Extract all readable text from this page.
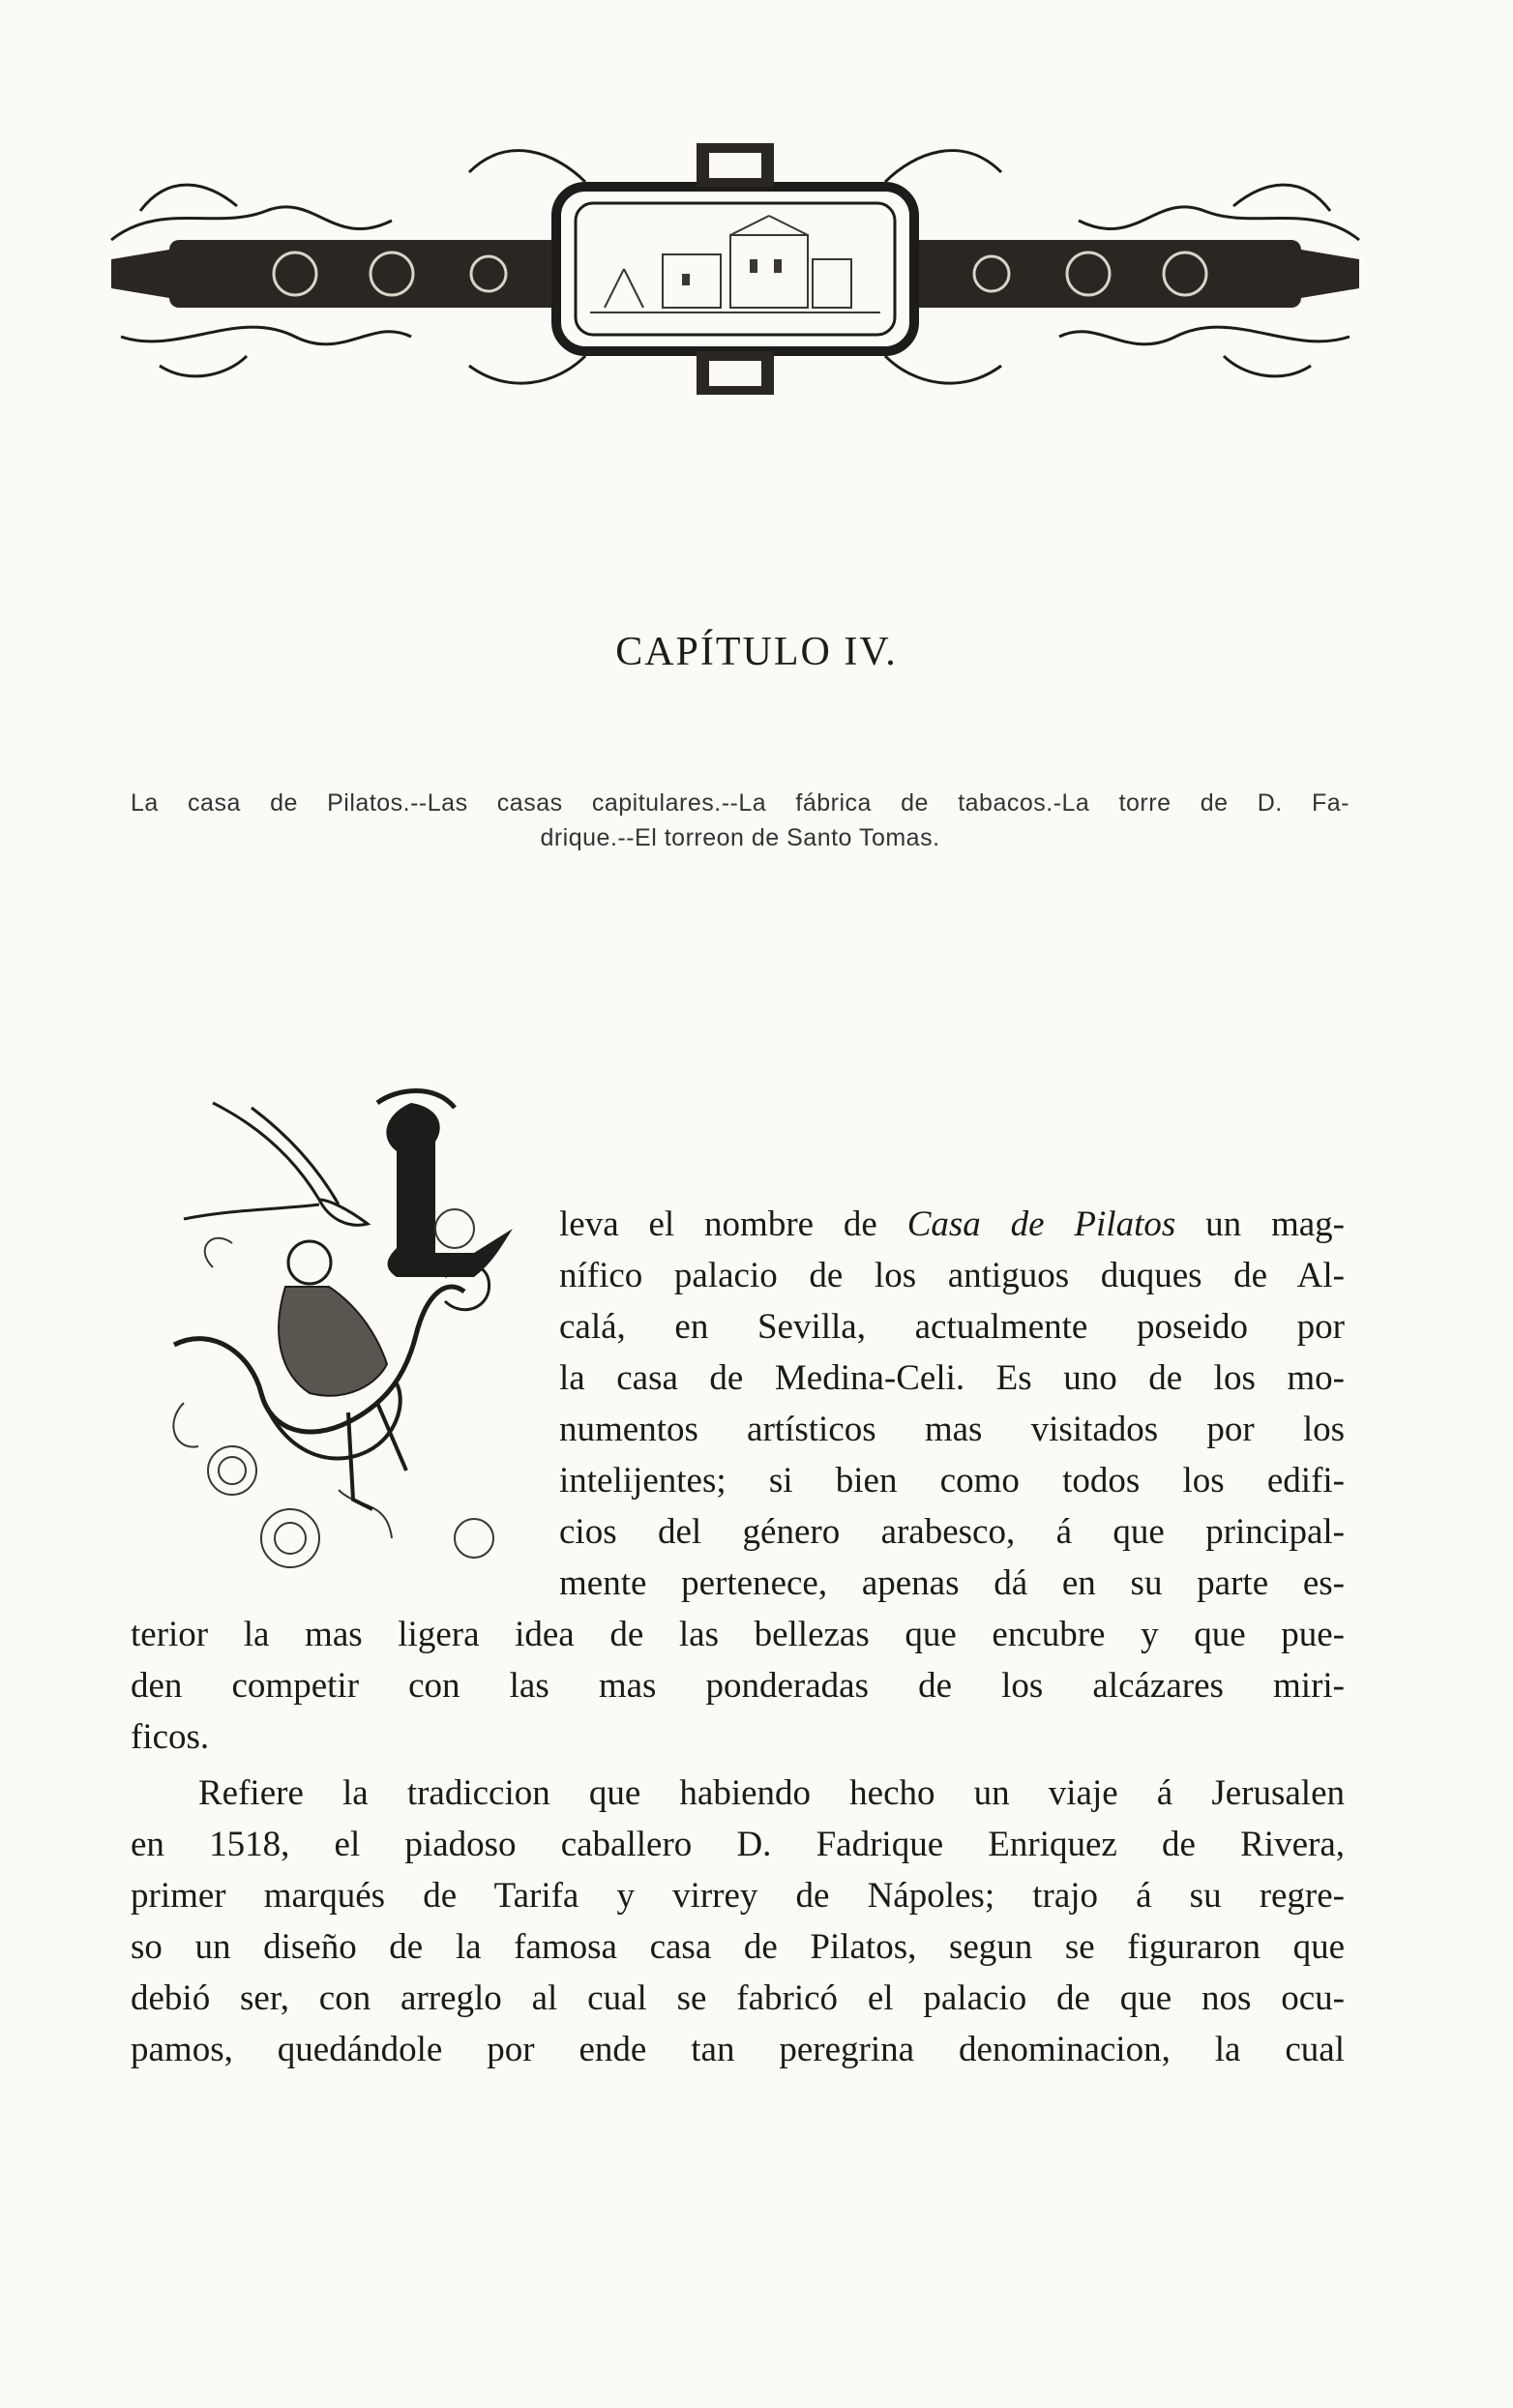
CAPÍTULO IV.
La casa de Pilatos.--Las casas capitulares.--La fábrica de tabacos.-La torre de D. Fa-
drique.--El torreon de Santo Tomas.
leva el nombre de Casa de Pilatos un mag-
nífico palacio de los antiguos duques de Al-
calá, en Sevilla, actualmente poseido por
la casa de Medina-Celi. Es uno de los mo-
numentos artísticos mas visitados por los
intelijentes; si bien como todos los edifi-
cios del género arabesco, á que principal-
mente pertenece, apenas dá en su parte es-
terior la mas ligera idea de las bellezas que encubre y que pue-
den competir con las mas ponderadas de los alcázares miri-
ficos.
Refiere la tradiccion que habiendo hecho un viaje á Jerusalen
en 1518, el piadoso caballero D. Fadrique Enriquez de Rivera,
primer marqués de Tarifa y virrey de Nápoles; trajo á su regre-
so un diseño de la famosa casa de Pilatos, segun se figuraron que
debió ser, con arreglo al cual se fabricó el palacio de que nos ocu-
pamos, quedándole por ende tan peregrina denominacion, la cual
